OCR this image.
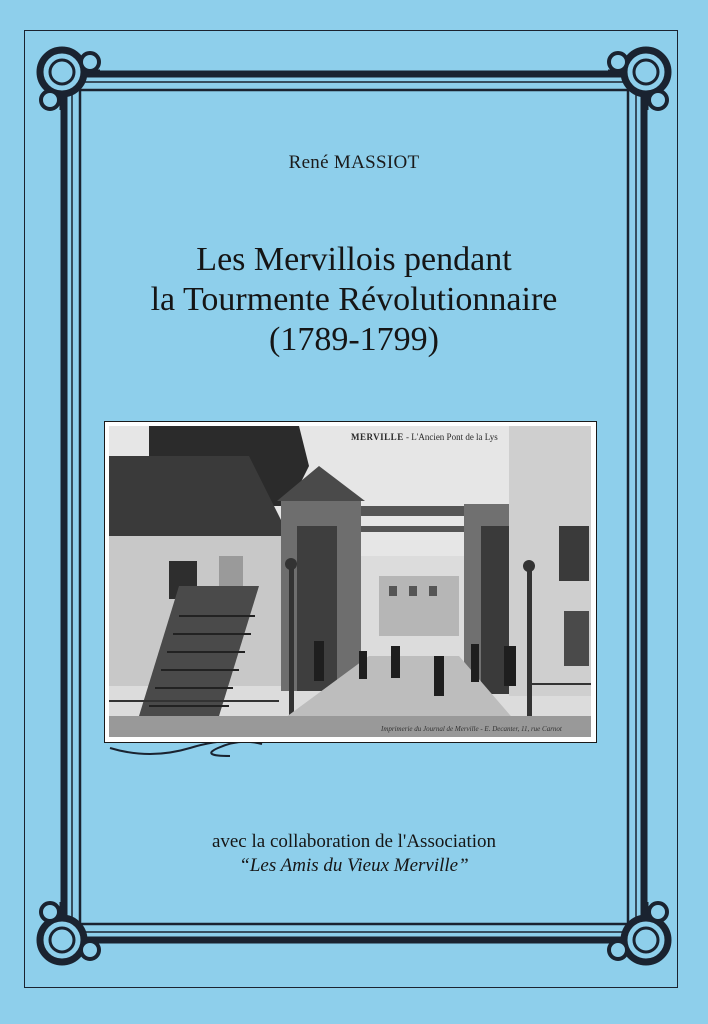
René MASSIOT
Les Mervillois pendant
la Tourmente Révolutionnaire
(1789-1799)
MERVILLE - L'Ancien Pont de la Lys
Imprimerie du Journal de Merville - E. Decanter, 11, rue Carnot
avec la collaboration de l'Association
“Les Amis du Vieux Merville”
